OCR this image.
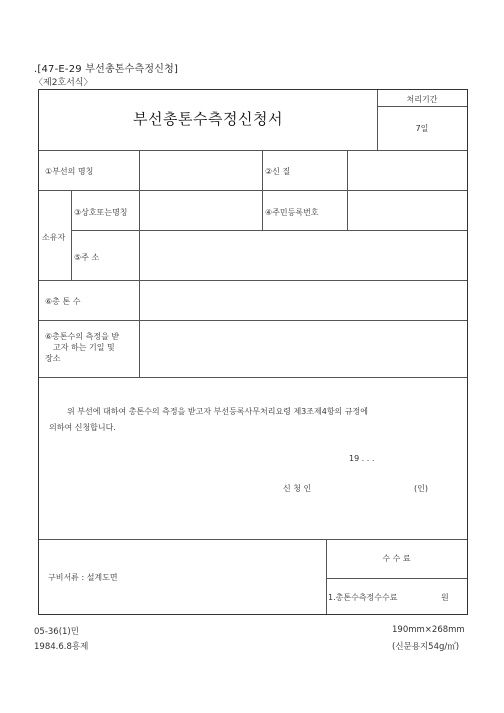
.[47-E-29 부선총톤수측정신청]
〈제2호서식〉
부선총톤수측정신청서
처리기간
7일
①부선의 명칭	②신 질
소유자
③상호또는명칭	④주민등록번호
⑤주 소
⑥총 톤 수
⑥총톤수의 측정을 받
고자 하는 기일 및
장소
위 부선에 대하여 총톤수의 측정을 받고자 부선등록사무처리요령 제3조제4항의 규정에
의하여 신청합니다.
19 . . .
신 청 인	(인)
구비서류 : 설계도면
수 수 료
1.총톤수측정수수료	원
05-36(1)민
1984.6.8흥제
190mm×268mm
(신문용지54g/㎡)
